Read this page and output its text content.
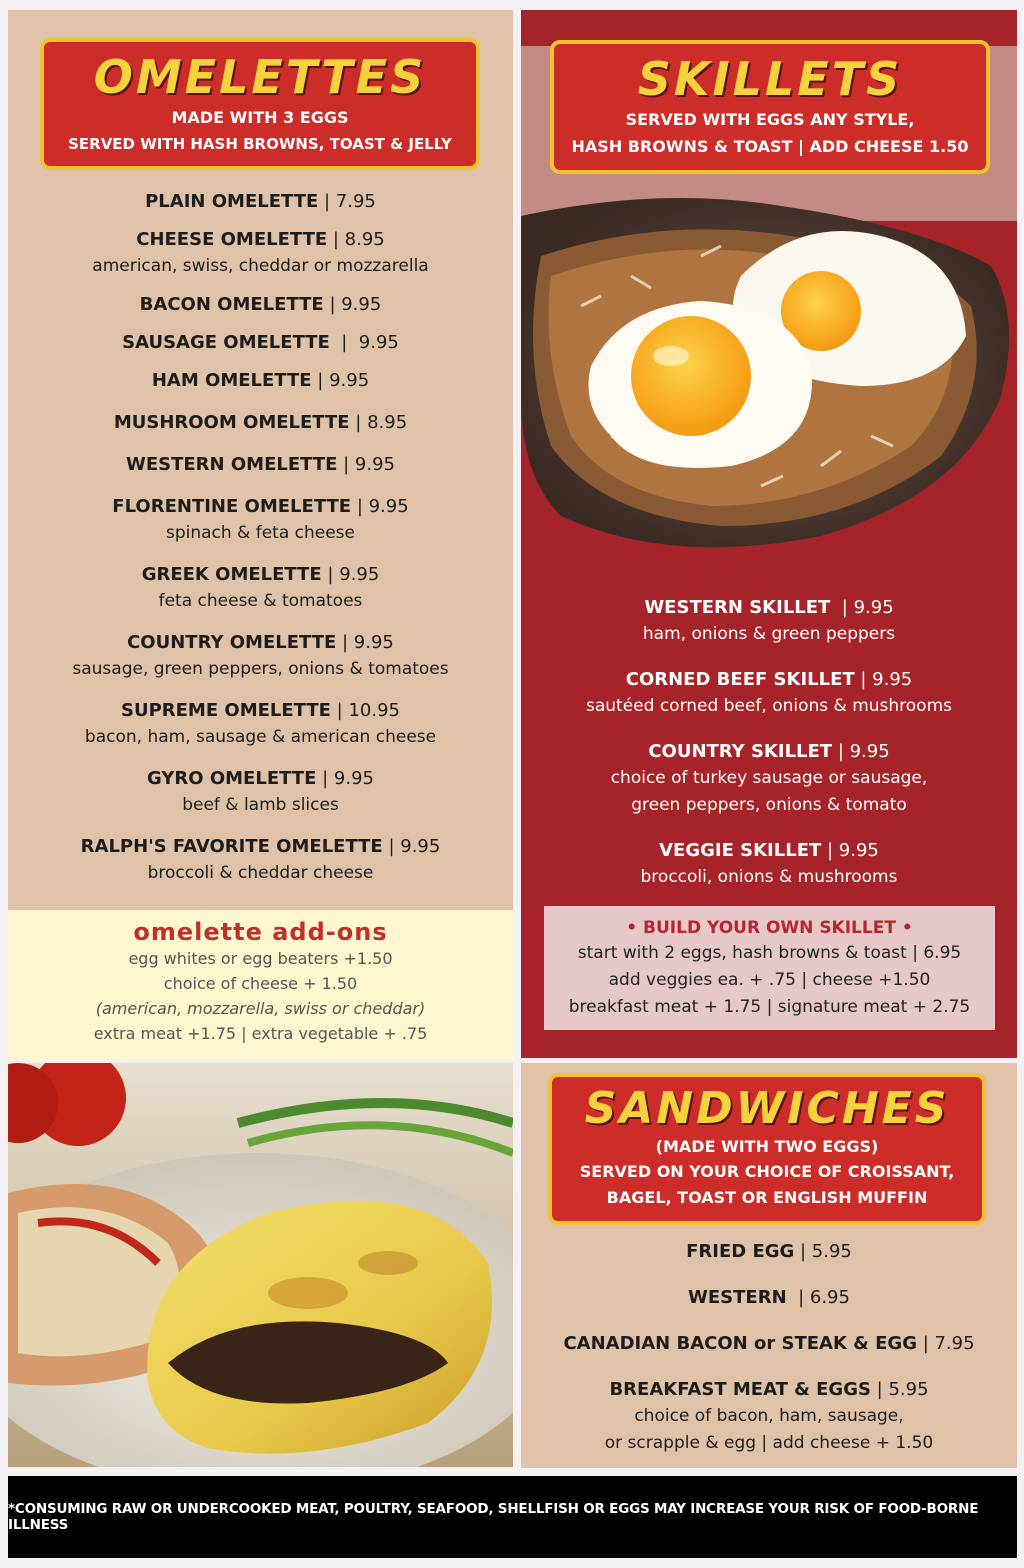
OMELETTES
MADE WITH 3 EGGS
SERVED WITH HASH BROWNS, TOAST & JELLY
PLAIN OMELETTE | 7.95
CHEESE OMELETTE | 8.95
american, swiss, cheddar or mozzarella
BACON OMELETTE | 9.95
SAUSAGE OMELETTE  |  9.95
HAM OMELETTE | 9.95
MUSHROOM OMELETTE | 8.95
WESTERN OMELETTE | 9.95
FLORENTINE OMELETTE | 9.95
spinach & feta cheese
GREEK OMELETTE | 9.95
feta cheese & tomatoes
COUNTRY OMELETTE | 9.95
sausage, green peppers, onions & tomatoes
SUPREME OMELETTE | 10.95
bacon, ham, sausage & american cheese
GYRO OMELETTE | 9.95
beef & lamb slices
RALPH'S FAVORITE OMELETTE | 9.95
broccoli & cheddar cheese
omelette add-ons
egg whites or egg beaters +1.50
choice of cheese + 1.50
(american, mozzarella, swiss or cheddar)
extra meat +1.75 | extra vegetable + .75
SKILLETS
SERVED WITH EGGS ANY STYLE,
HASH BROWNS & TOAST | ADD CHEESE 1.50
WESTERN SKILLET  | 9.95
ham, onions & green peppers
CORNED BEEF SKILLET | 9.95
sautéed corned beef, onions & mushrooms
COUNTRY SKILLET | 9.95
choice of turkey sausage or sausage,
green peppers, onions & tomato
VEGGIE SKILLET | 9.95
broccoli, onions & mushrooms
• BUILD YOUR OWN SKILLET •
start with 2 eggs, hash browns & toast | 6.95
add veggies ea. + .75 | cheese +1.50
breakfast meat + 1.75 | signature meat + 2.75
SANDWICHES
(MADE WITH TWO EGGS)
SERVED ON YOUR CHOICE OF CROISSANT,
BAGEL, TOAST OR ENGLISH MUFFIN
FRIED EGG | 5.95
WESTERN  | 6.95
CANADIAN BACON or STEAK & EGG | 7.95
BREAKFAST MEAT & EGGS | 5.95
choice of bacon, ham, sausage,
or scrapple & egg | add cheese + 1.50
*CONSUMING RAW OR UNDERCOOKED MEAT, POULTRY, SEAFOOD, SHELLFISH OR EGGS MAY INCREASE YOUR RISK OF FOOD-BORNE ILLNESS
